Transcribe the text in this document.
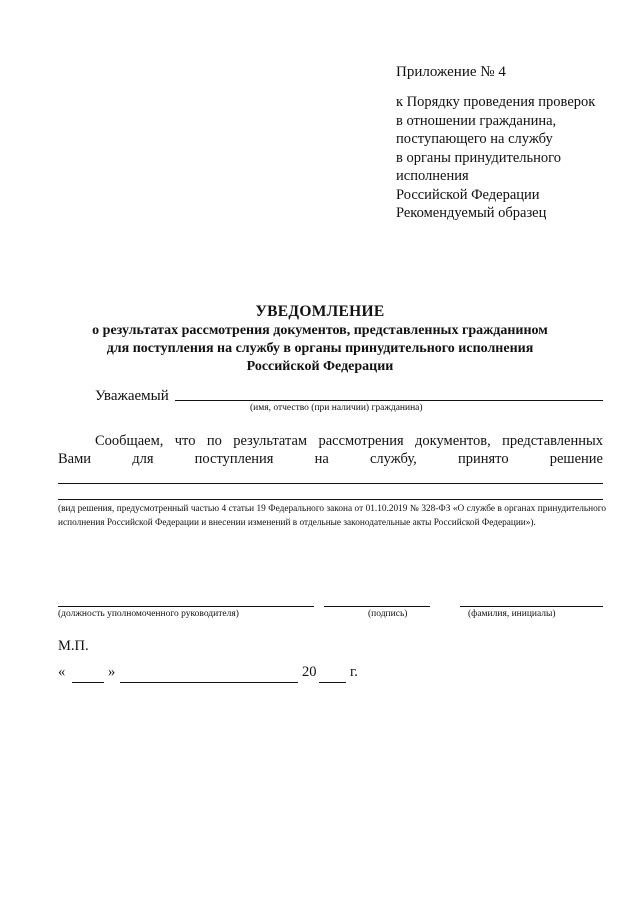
Приложение № 4
к Порядку проведения проверок
в отношении гражданина,
поступающего на службу
в органы принудительного
исполнения
Российской Федерации
Рекомендуемый образец
УВЕДОМЛЕНИЕ
о результатах рассмотрения документов, представленных гражданином
для поступления на службу в органы принудительного исполнения
Российской Федерации
Уважаемый
(имя, отчество (при наличии) гражданина)
Сообщаем, что по результатам рассмотрения документов, представленных
Вами	для	поступления	на	службу,	принято	решение
(вид решения, предусмотренный частью 4 статьи 19 Федерального закона от 01.10.2019 № 328-ФЗ «О службе в органах принудительного исполнения Российской Федерации и внесении изменений в отдельные законодательные акты Российской Федерации»).
(должность уполномоченного руководителя)	(подпись)	(фамилия, инициалы)
М.П.
«	»	20 г.
